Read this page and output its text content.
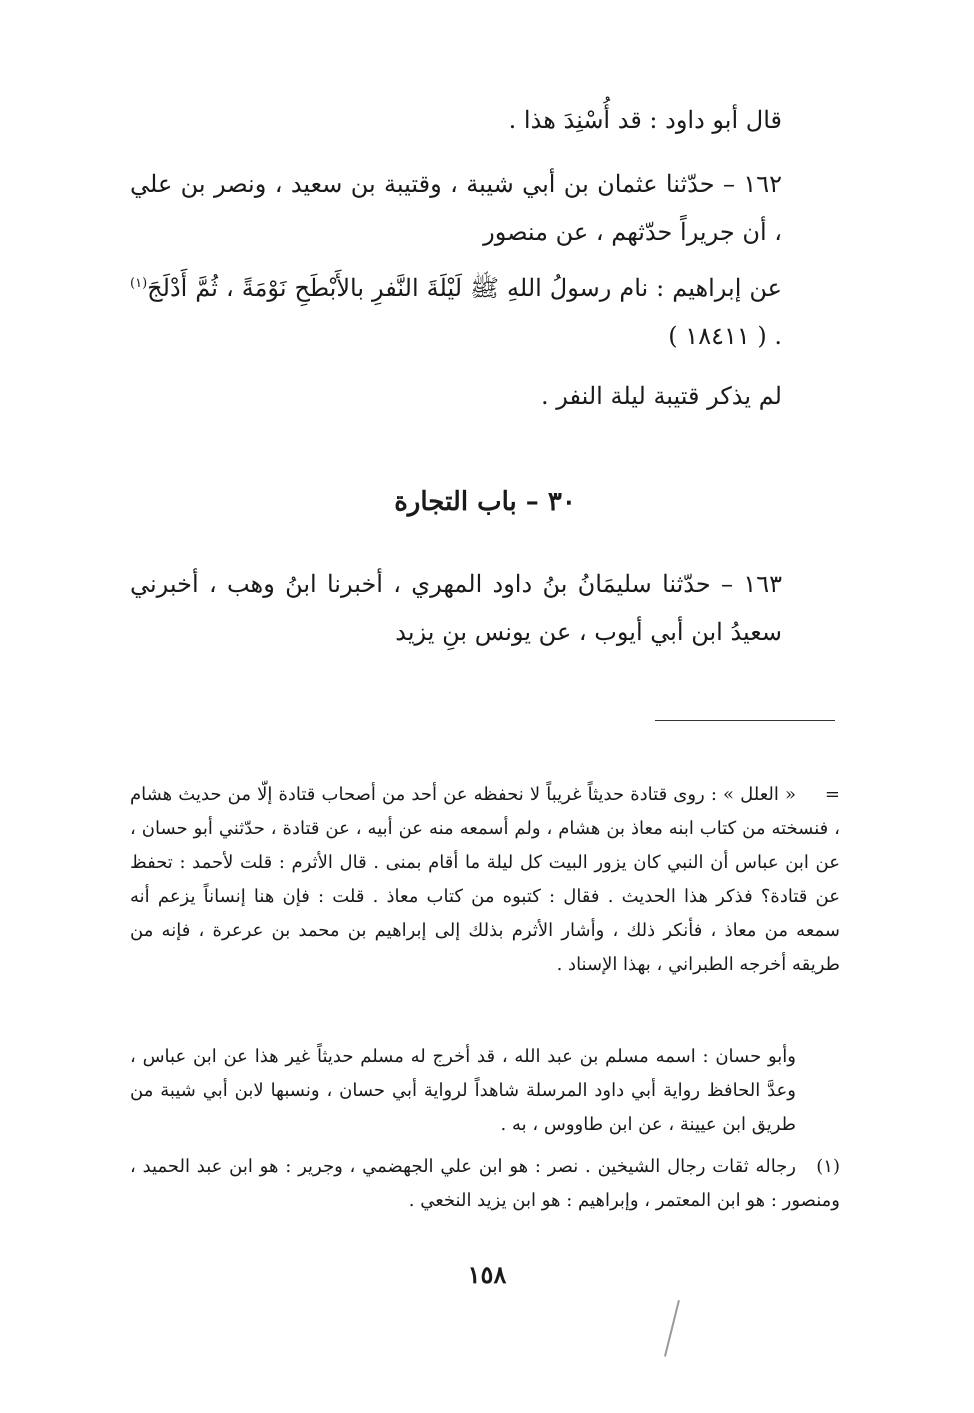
قال أبو داود : قد أُسْنِدَ هذا .
١٦٢ – حدّثنا عثمان بن أبي شيبة ، وقتيبة بن سعيد ، ونصر بن علي ، أن جريراً حدّثهم ، عن منصور
عن إبراهيم : نام رسولُ اللهِ ﷺ لَيْلَةَ النَّفرِ بالأَبْطَحِ نَوْمَةً ، ثُمَّ أَدْلَجَ$^{(١)}$ . ( ١٨٤١١ )
لم يذكر قتيبة ليلة النفر .
٣٠ – باب التجارة
١٦٣ – حدّثنا سليمَانُ بنُ داود المهري ، أخبرنا ابنُ وهب ، أخبرني سعيدُ ابن أبي أيوب ، عن يونس بنِ يزيد
=« العلل » : روى قتادة حديثاً غريباً لا نحفظه عن أحد من أصحاب قتادة إلّا من حديث هشام ، فنسخته من كتاب ابنه معاذ بن هشام ، ولم أسمعه منه عن أبيه ، عن قتادة ، حدّثني أبو حسان ، عن ابن عباس أن النبي كان يزور البيت كل ليلة ما أقام بمنى . قال الأثرم : قلت لأحمد : تحفظ عن قتادة؟ فذكر هذا الحديث . فقال : كتبوه من كتاب معاذ . قلت : فإن هنا إنساناً يزعم أنه سمعه من معاذ ، فأنكر ذلك ، وأشار الأثرم بذلك إلى إبراهيم بن محمد بن عرعرة ، فإنه من طريقه أخرجه الطبراني ، بهذا الإسناد .
وأبو حسان : اسمه مسلم بن عبد الله ، قد أخرج له مسلم حديثاً غير هذا عن ابن عباس ، وعدَّ الحافظ رواية أبي داود المرسلة شاهداً لرواية أبي حسان ، ونسبها لابن أبي شيبة من طريق ابن عيينة ، عن ابن طاووس ، به .
(١)رجاله ثقات رجال الشيخين . نصر : هو ابن علي الجهضمي ، وجرير : هو ابن عبد الحميد ، ومنصور : هو ابن المعتمر ، وإبراهيم : هو ابن يزيد النخعي .
١٥٨
